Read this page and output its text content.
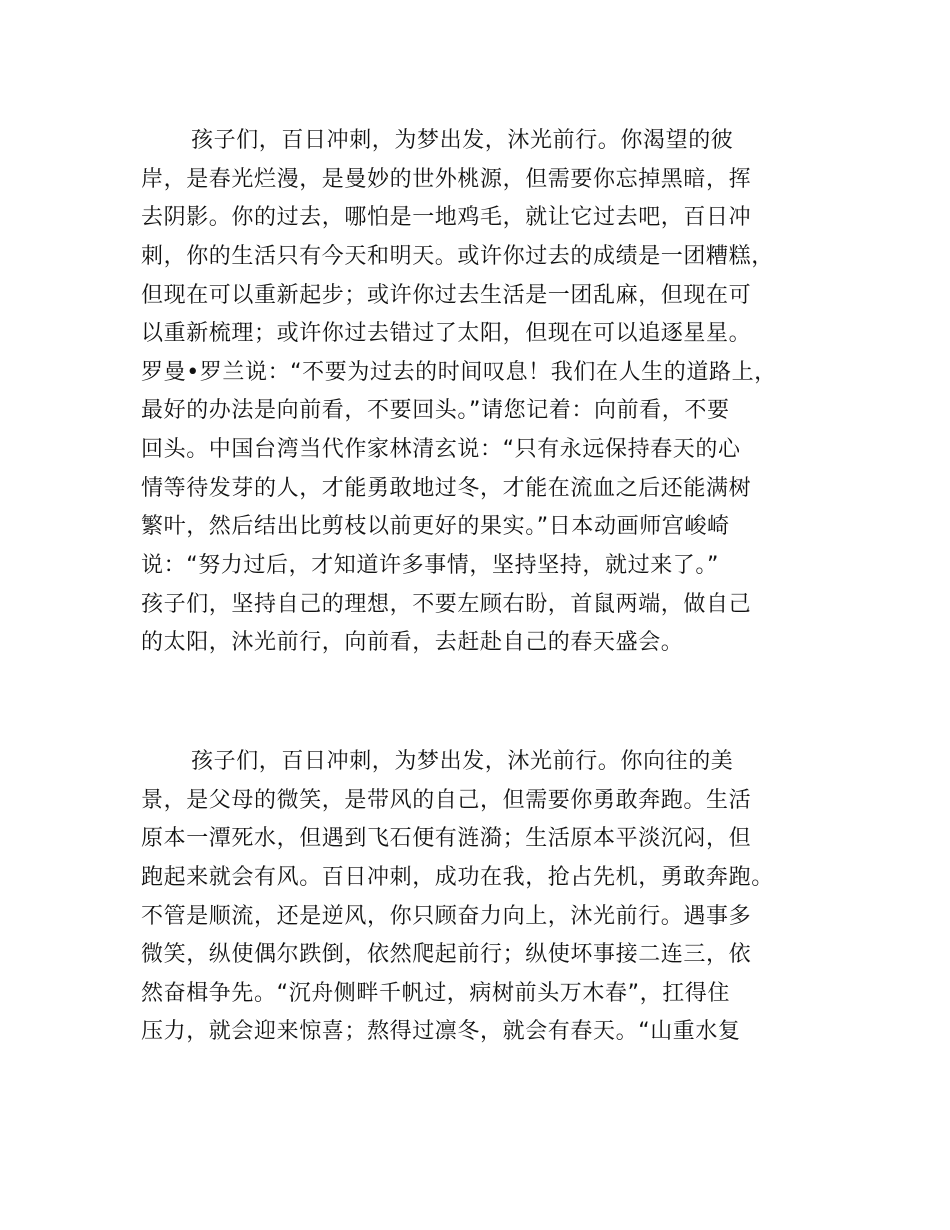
孩子们，百日冲刺，为梦出发，沐光前行。你渴望的彼
岸，是春光烂漫，是曼妙的世外桃源，但需要你忘掉黑暗，挥
去阴影。你的过去，哪怕是一地鸡毛，就让它过去吧，百日冲
刺，你的生活只有今天和明天。或许你过去的成绩是一团糟糕，
但现在可以重新起步；或许你过去生活是一团乱麻，但现在可
以重新梳理；或许你过去错过了太阳，但现在可以追逐星星。
罗曼•罗兰说：“不要为过去的时间叹息！我们在人生的道路上，
最好的办法是向前看，不要回头。”请您记着：向前看，不要
回头。中国台湾当代作家林清玄说：“只有永远保持春天的心
情等待发芽的人，才能勇敢地过冬，才能在流血之后还能满树
繁叶，然后结出比剪枝以前更好的果实。”日本动画师宫峻崎
说：“努力过后，才知道许多事情，坚持坚持，就过来了。”
孩子们，坚持自己的理想，不要左顾右盼，首鼠两端，做自己
的太阳，沐光前行，向前看，去赶赴自己的春天盛会。
孩子们，百日冲刺，为梦出发，沐光前行。你向往的美
景，是父母的微笑，是带风的自己，但需要你勇敢奔跑。生活
原本一潭死水，但遇到飞石便有涟漪；生活原本平淡沉闷，但
跑起来就会有风。百日冲刺，成功在我，抢占先机，勇敢奔跑。
不管是顺流，还是逆风，你只顾奋力向上，沐光前行。遇事多
微笑，纵使偶尔跌倒，依然爬起前行；纵使坏事接二连三，依
然奋楫争先。“沉舟侧畔千帆过，病树前头万木春”，扛得住
压力，就会迎来惊喜；熬得过凛冬，就会有春天。“山重水复
